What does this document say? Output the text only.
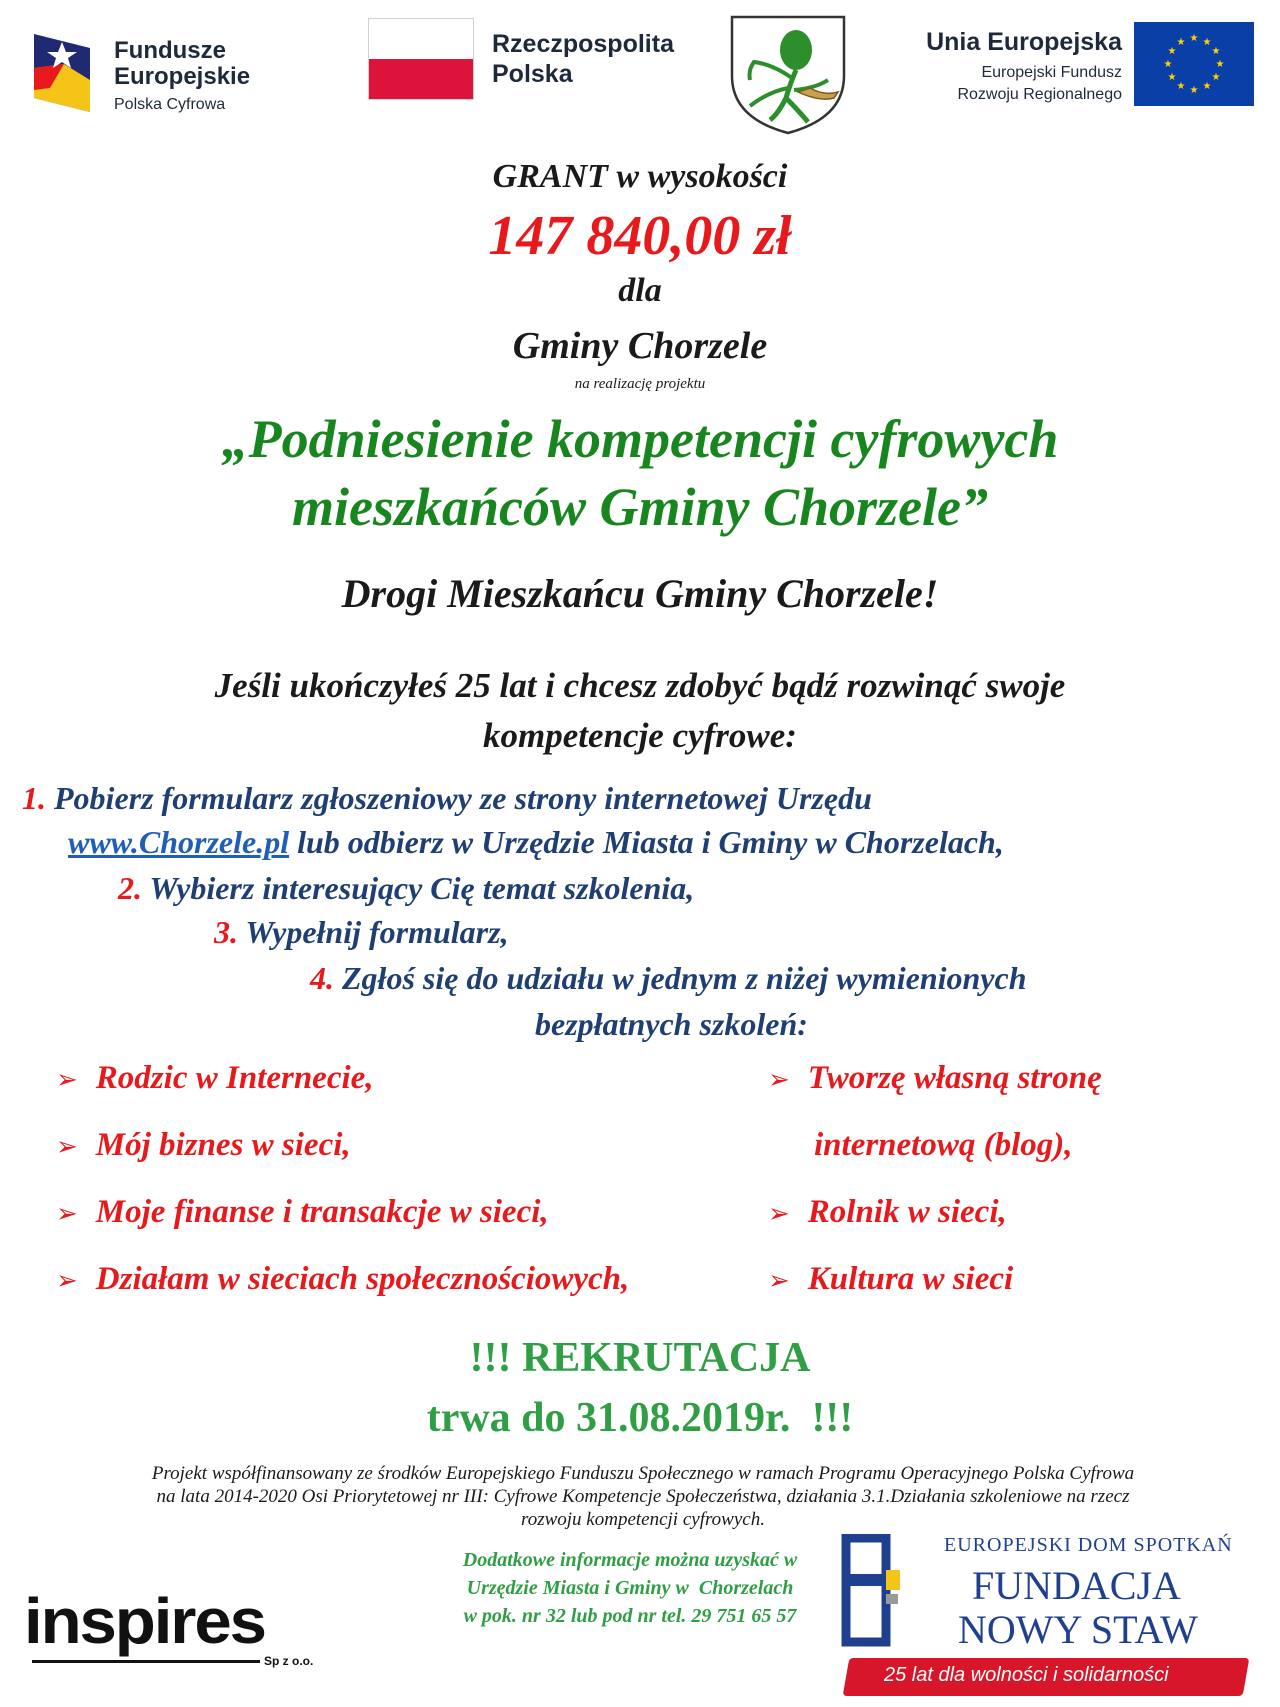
Fundusze
Europejskie
Polska Cyfrowa
Rzeczpospolita
Polska
Unia Europejska
Europejski Fundusz
Rozwoju Regionalnego
★ ★
★
★
★
★
★
★
★
★
★
★
GRANT w wysokości
147 840,00 zł
dla
Gminy Chorzele
na realizację projektu
„Podniesienie kompetencji cyfrowych
mieszkańców Gminy Chorzele”
Drogi Mieszkańcu Gminy Chorzele!
Jeśli ukończyłeś 25 lat i chcesz zdobyć bądź rozwinąć swoje
kompetencje cyfrowe:
1. Pobierz formularz zgłoszeniowy ze strony internetowej Urzędu
www.Chorzele.pl lub odbierz w Urzędzie Miasta i Gminy w Chorzelach,
2. Wybierz interesujący Cię temat szkolenia,
3. Wypełnij formularz,
4. Zgłoś się do udziału w jednym z niżej wymienionych
bezpłatnych szkoleń:
➢ Rodzic w Internecie,
➢ Mój biznes w sieci,
➢ Moje finanse i transakcje w sieci,
➢ Działam w sieciach społecznościowych,
➢ Tworzę własną stronę
internetową (blog),
➢ Rolnik w sieci,
➢ Kultura w sieci
!!! REKRUTACJA
trwa do 31.08.2019r.  !!!
Projekt współfinansowany ze środków Europejskiego Funduszu Społecznego w ramach Programu Operacyjnego Polska Cyfrowa
na lata 2014-2020 Osi Priorytetowej nr III: Cyfrowe Kompetencje Społeczeństwa, działania 3.1.Działania szkoleniowe na rzecz
rozwoju kompetencji cyfrowych.
Dodatkowe informacje można uzyskać w
Urzędzie Miasta i Gminy w  Chorzelach
w pok. nr 32 lub pod nr tel. 29 751 65 57
inspires
Sp z o.o.
EUROPEJSKI DOM SPOTKAŃ
FUNDACJA
NOWY STAW
25 lat dla wolności i solidarności
